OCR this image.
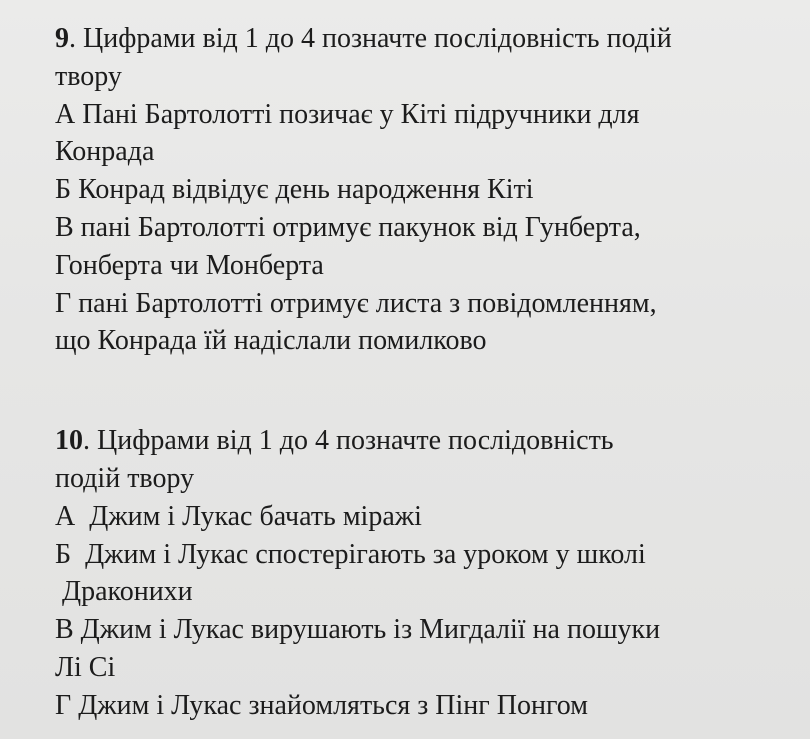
9. Цифрами від 1 до 4 позначте послідовність подій
твору
А Пані Бартолотті позичає у Кіті підручники для
Конрада
Б Конрад відвідує день народження Кіті
В пані Бартолотті отримує пакунок від Гунберта,
Гонберта чи Монберта
Г пані Бартолотті отримує листа з повідомленням,
що Конрада їй надіслали помилково
10. Цифрами від 1 до 4 позначте послідовність
подій твору
А  Джим і Лукас бачать міражі
Б  Джим і Лукас спостерігають за уроком у школі
Драконихи
В Джим і Лукас вирушають із Мигдалії на пошуки
Лі Сі
Г Джим і Лукас знайомляться з Пінг Понгом
